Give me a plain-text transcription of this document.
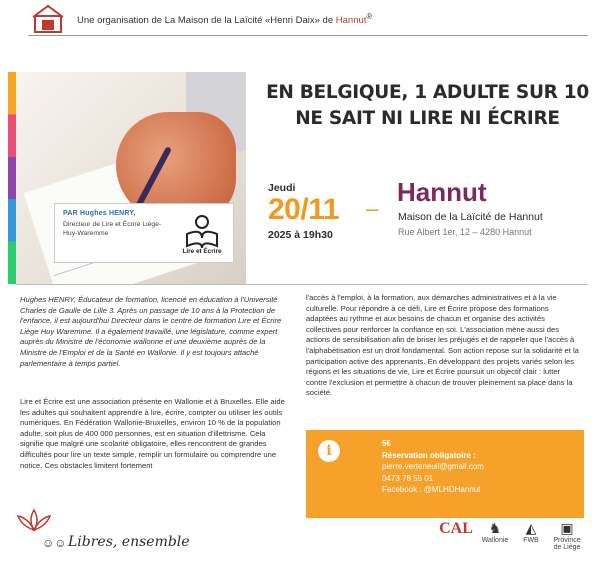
Une organisation de La Maison de la Laïcité «Henri Daix» de Hannut®
PAR Hughes HENRY,
Directeur de Lire et Écrire Liège-Huy-Waremme
Lire et Écrire
EN BELGIQUE, 1 ADULTE SUR 10
NE SAIT NI LIRE NI ÉCRIRE
Jeudi
20/11 –
2025 à 19h30
Hannut
Maison de la Laïcité de Hannut
Rue Albert 1er, 12 – 4280 Hannut

Hughes HENRY, Éducateur de formation, licencié en éducation à l'Université Charles de Gaulle de Lille 3. Après un passage de 10 ans à la Protection de l'enfance, il est aujourd'hui Directeur dans le centre de formation Lire et Écrire Liège Huy Waremme. Il a également travaillé, une législature, comme expert auprès du Ministre de l'économie wallonne et une deuxième auprès de la Ministre de l'Emploi et de la Santé en Wallonie. Il y est toujours attaché parlementaire à temps partiel.

Lire et Écrire est une association présente en Wallonie et à Bruxelles. Elle aide les adultes qui souhaitent apprendre à lire, écrire, compter ou utiliser les outils numériques. En Fédération Wallonie-Bruxelles, environ 10 % de la population adulte, soit plus de 400 000 personnes, est en situation d'illettrisme. Cela signifie que malgré une scolarité obligatoire, elles rencontrent de grandes difficultés pour lire un texte simple, remplir un formulaire ou comprendre une notice. Ces obstacles limitent fortement

l'accès à l'emploi, à la formation, aux démarches administratives et à la vie culturelle. Pour répondre à ce défi, Lire et Écrire propose des formations adaptées au rythme et aux besoins de chacun et organise des activités collectives pour renforcer la confiance en soi. L'association mène aussi des actions de sensibilisation afin de briser les préjugés et de rappeler que l'accès à l'alphabétisation est un droit fondamental. Son action repose sur la solidarité et la participation active des apprenants. En développant des projets variés selon les régions et les situations de vie, Lire et Écrire poursuit un objectif clair : lutter contre l'exclusion et permettre à chacun de trouver pleinement sa place dans la société.

i	5€
Réservation obligatoire :
pierre.verteneuil@gmail.com
0473 78 55 01
Facebook : @MLHDHannut
☺☺ Libres, ensemble
CAL	♞
Wallonie
◭
FWB
▣
Province de Liège
